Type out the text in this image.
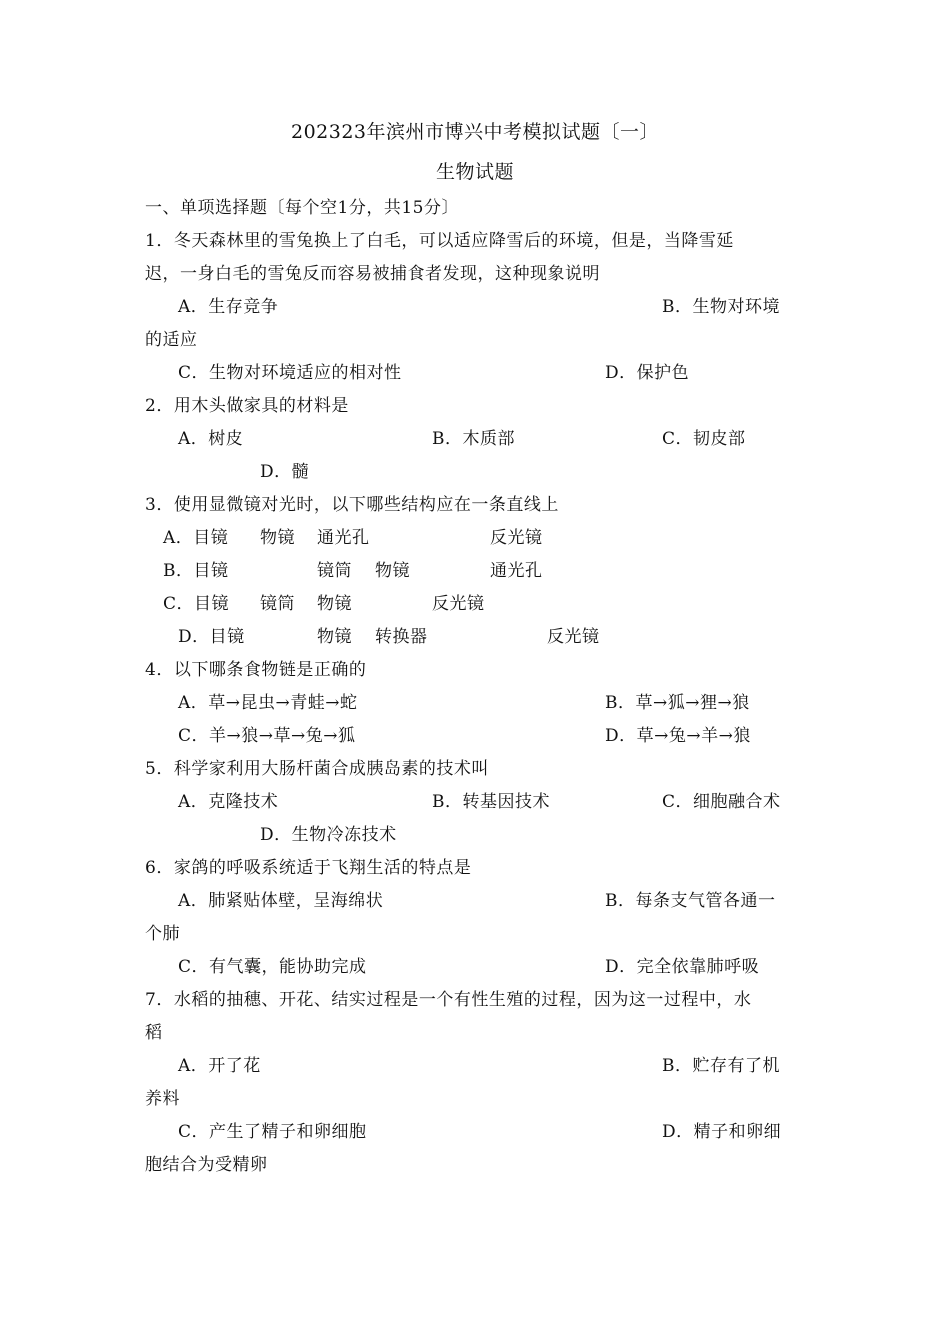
202323年滨州市博兴中考模拟试题〔一〕
生物试题
一、单项选择题〔每个空1分，共15分〕
1．冬天森林里的雪兔换上了白毛，可以适应降雪后的环境，但是，当降雪延
迟，一身白毛的雪兔反而容易被捕食者发现，这种现象说明
A．生存竞争	B．生物对环境
的适应
C．生物对环境适应的相对性	D．保护色
2．用木头做家具的材料是
A．树皮	B．木质部	C．韧皮部
D．髓
3．使用显微镜对光时，以下哪些结构应在一条直线上
A．目镜 物镜 通光孔	反光镜
B．目镜	镜筒 物镜	通光孔
C．目镜 镜筒 物镜	反光镜
D．目镜	物镜 转换器	反光镜
4．以下哪条食物链是正确的
A．草→昆虫→青蛙→蛇	B．草→狐→狸→狼
C．羊→狼→草→兔→狐	D．草→兔→羊→狼
5．科学家利用大肠杆菌合成胰岛素的技术叫
A．克隆技术	B．转基因技术	C．细胞融合术
D．生物冷冻技术
6．家鸽的呼吸系统适于飞翔生活的特点是
A．肺紧贴体壁，呈海绵状	B．每条支气管各通一
个肺
C．有气囊，能协助完成	D．完全依靠肺呼吸
7．水稻的抽穗、开花、结实过程是一个有性生殖的过程，因为这一过程中，水
稻
A．开了花	B．贮存有了机
养料
C．产生了精子和卵细胞	D．精子和卵细
胞结合为受精卵
